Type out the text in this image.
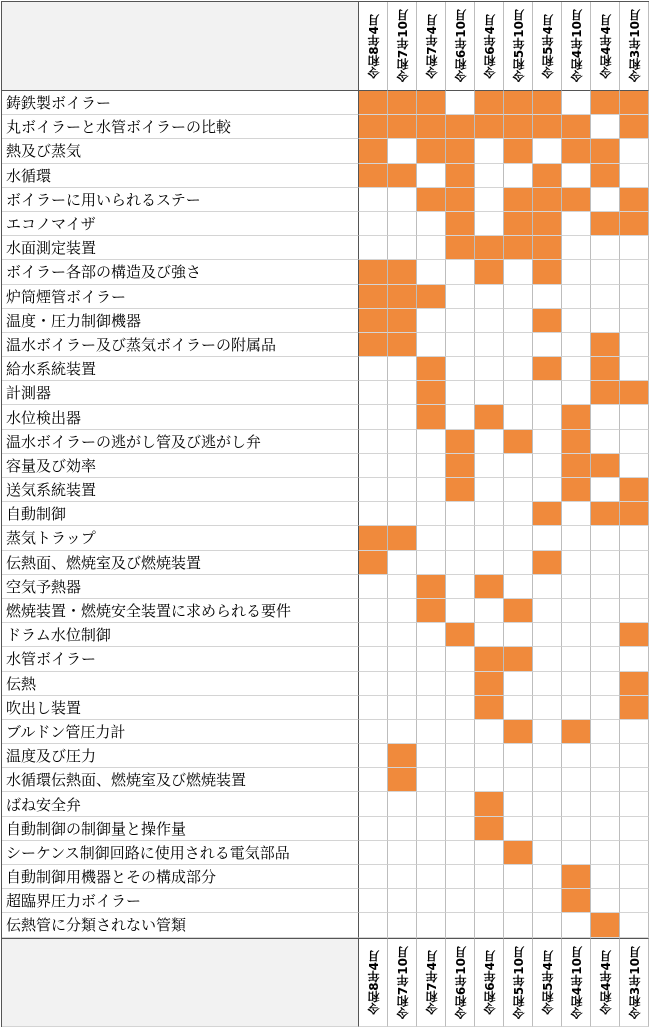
令和8年4月 令和7年10月 令和7年4月 令和6年10月 令和6年4月 令和5年10月 令和5年4月 令和4年10月 令和4年4月 令和3年10月
鋳鉄製ボイラー
丸ボイラーと水管ボイラーの比較
熱及び蒸気
水循環
ボイラーに用いられるステー
エコノマイザ
水面測定装置
ボイラー各部の構造及び強さ
炉筒煙管ボイラー
温度・圧力制御機器
温水ボイラー及び蒸気ボイラーの附属品
給水系統装置
計測器
水位検出器
温水ボイラーの逃がし管及び逃がし弁
容量及び効率
送気系統装置
自動制御
蒸気トラップ
伝熱面、燃焼室及び燃焼装置
空気予熱器
燃焼装置・燃焼安全装置に求められる要件
ドラム水位制御
水管ボイラー
伝熱
吹出し装置
ブルドン管圧力計
温度及び圧力
水循環伝熱面、燃焼室及び燃焼装置
ばね安全弁
自動制御の制御量と操作量
シーケンス制御回路に使用される電気部品
自動制御用機器とその構成部分
超臨界圧力ボイラー
伝熱管に分類されない管類
令和8年4月 令和7年10月 令和7年4月 令和6年10月 令和6年4月 令和5年10月 令和5年4月 令和4年10月 令和4年4月 令和3年10月
